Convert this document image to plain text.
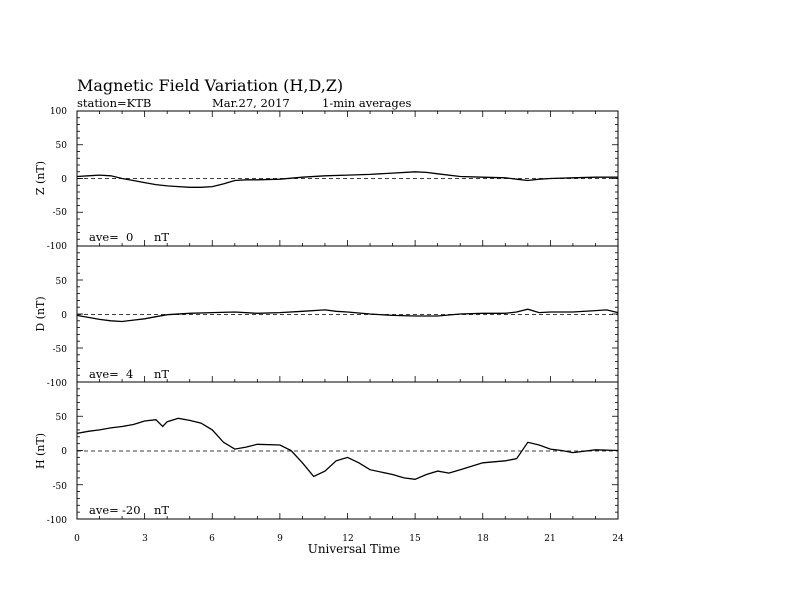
Magnetic Field Variation (H,D,Z)
station=KTB	Mar.27, 2017	1-min averages
100
50
0
-50
-100
Z (nT)
ave= 0 nT
50
0
-50
-100
D (nT)
ave= 4 nT
50
0
-50
-100
H (nT)
ave= -20 nT
0	3	6	9	12	15	18	21	24
Universal Time
